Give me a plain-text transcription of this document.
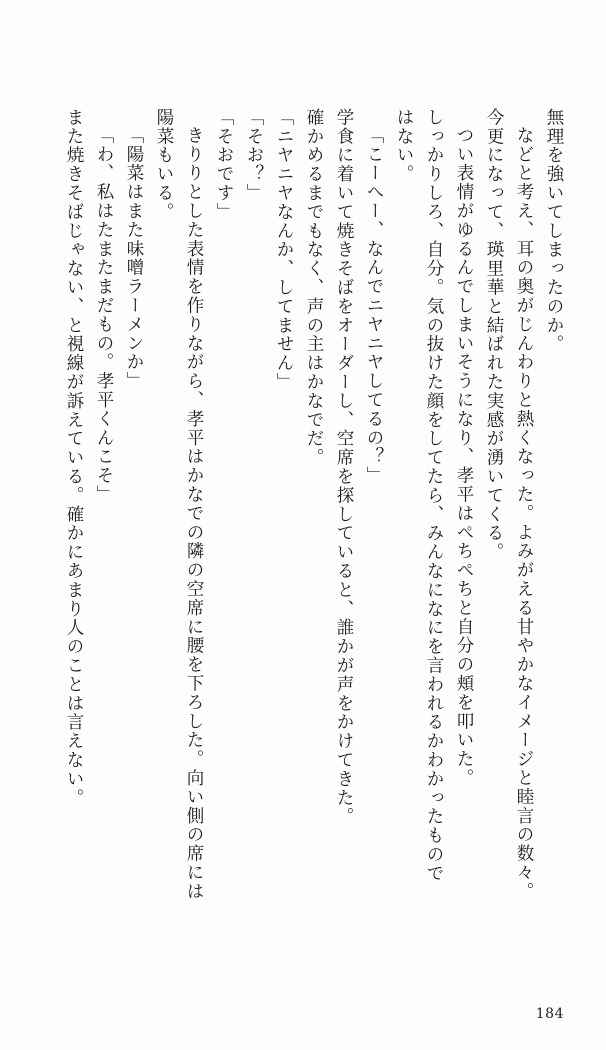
無理を強いてしまったのか。
などと考え、耳の奥がじんわりと熱くなった。よみがえる甘やかなイメージと睦言の数々。
今更になって、瑛里華と結ばれた実感が湧いてくる。
つい表情がゆるんでしまいそうになり、孝平はぺちぺちと自分の頬を叩いた。
しっかりしろ、自分。気の抜けた顔をしてたら、みんなになにを言われるかわかったもので
はない。
「こーへー、なんでニヤニヤしてるの？」
学食に着いて焼きそばをオーダーし、空席を探していると、誰かが声をかけてきた。
確かめるまでもなく、声の主はかなでだ。
「ニヤニヤなんか、してません」
「そお？」
「そおです」
きりりとした表情を作りながら、孝平はかなでの隣の空席に腰を下ろした。向い側の席には
陽菜もいる。
「陽菜はまた味噌ラーメンか」
「わ、私はたまたまだもの。孝平くんこそ」
また焼きそばじゃない、と視線が訴えている。確かにあまり人のことは言えない。
184
